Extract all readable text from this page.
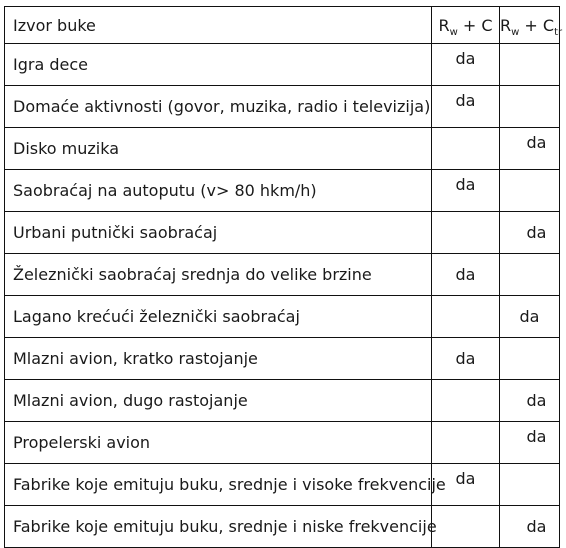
Izvor buke	$R_w + C$	$R_w + C_{tr}$
Igra dece	da	
Domaće aktivnosti (govor, muzika, radio i televizija)	da	
Disko muzika		da
Saobraćaj na autoputu (v> 80 hkm/h)	da	
Urbani putnički saobraćaj		da
Železnički saobraćaj srednja do velike brzine	da	
Lagano krećući železnički saobraćaj		da
Mlazni avion, kratko rastojanje	da	
Mlazni avion, dugo rastojanje		da
Propelerski avion		da
Fabrike koje emituju buku, srednje i visoke frekvencije	da	
Fabrike koje emituju buku, srednje i niske frekvencije		da
